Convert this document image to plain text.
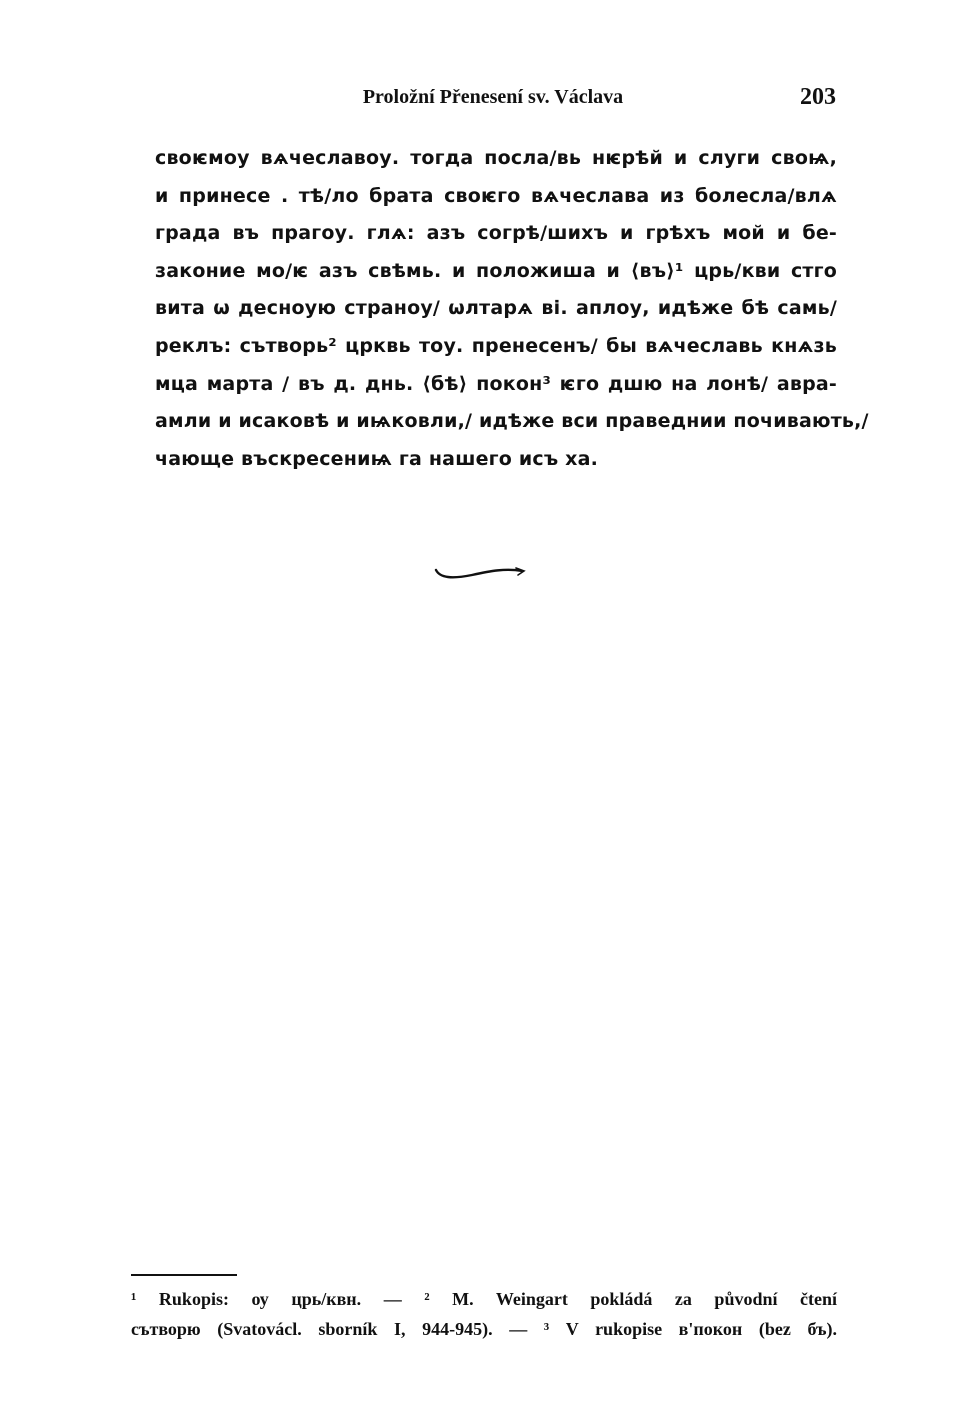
Proložní Přenesení sv. Václava	203
своѥмоу вѧчеславоу. тогда посла/вь нѥрѣй и слуги своѩ,
и принесе . тѣ/ло брата своѥго вѧчеслава из болесла/влѧ
града въ прагоу. глѧ: азъ согрѣ/шихъ и грѣхъ мой и бе-
законие мо/ѥ азъ свѣмь. и положиша и ⟨въ⟩¹ црь/кви стго
вита ѡ десноую страноу/ ѡлтарѧ ві. аплоу, идѣже бѣ самь/
реклъ: сътворь² црквь тоу. пренесенъ/ бы вѧчеславь кнѧзь
мца марта / въ д. днь. ⟨бѣ⟩ покон³ ѥго дшю на лонѣ/ авра-
амли и исаковѣ и иѩковли,/ идѣже вси праведнии почивають,/
чающе въскресениѩ га нашего исъ ха.
¹ Rukopis: оу црь/квн. — ² M. Weingart pokládá za původní čtení
сътворю (Svatovácl. sborník I, 944-945). — ³ V rukopise в'покон (bez бъ).
